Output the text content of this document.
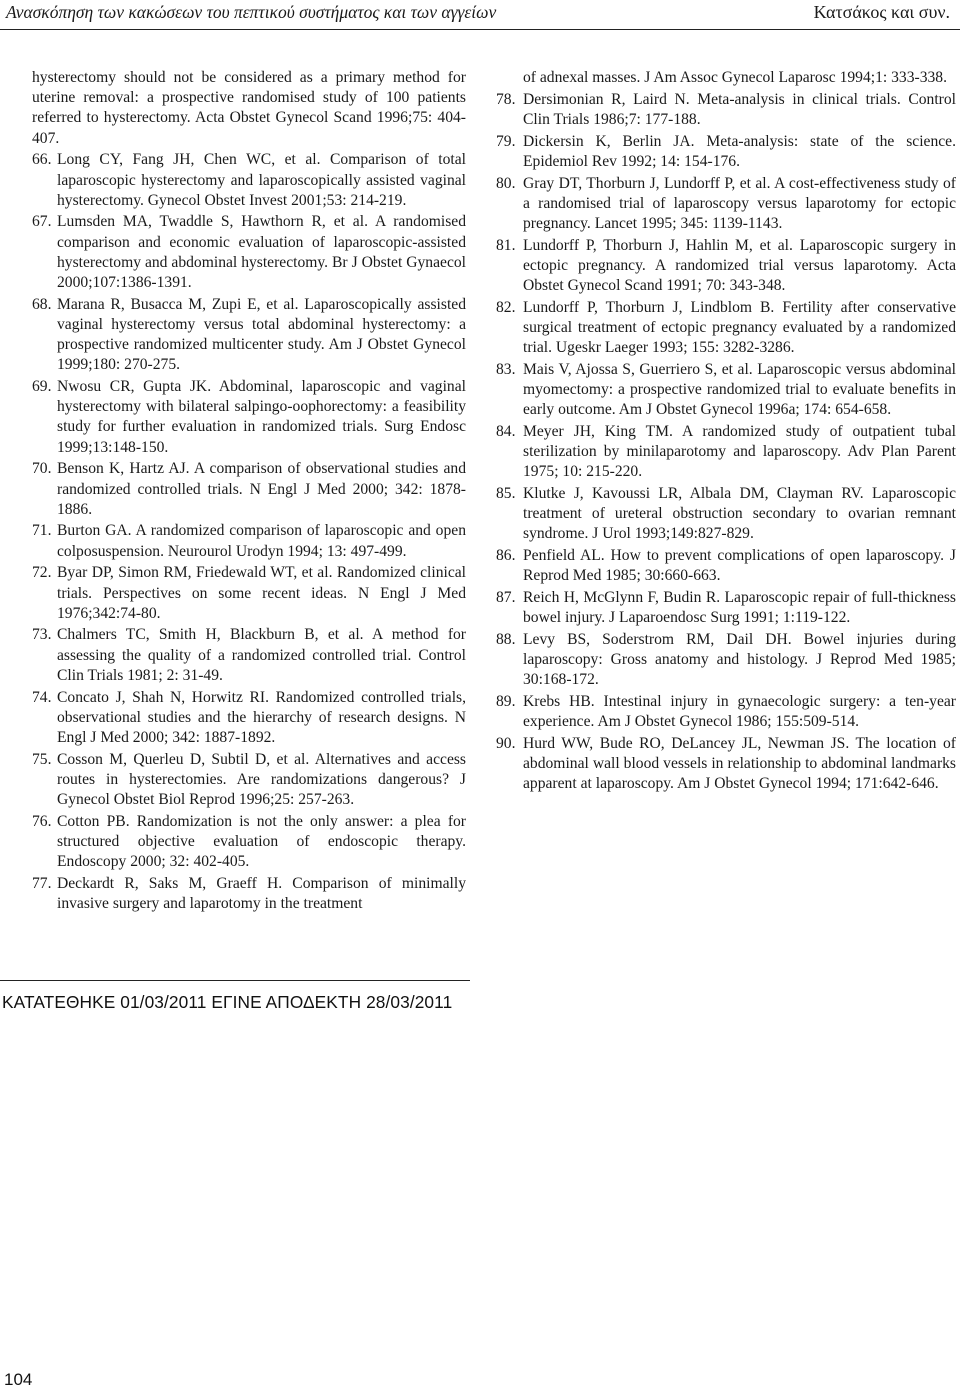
Ανασκόπηση των κακώσεων του πεπτικού συστήματος και των αγγείων	Κατσάκος και συν.
hysterectomy should not be considered as a primary method for uterine removal: a prospective randomised study of 100 patients referred to hysterectomy. Acta Obstet Gynecol Scand 1996;75: 404-407.
66. Long CY, Fang JH, Chen WC, et al. Comparison of total laparoscopic hysterectomy and laparoscopically assisted vaginal hysterectomy. Gynecol Obstet Invest 2001;53: 214-219.
67. Lumsden MA, Twaddle S, Hawthorn R, et al. A randomised comparison and economic evaluation of laparoscopic-assisted hysterectomy and abdominal hysterectomy. Br J Obstet Gynaecol 2000;107:1386-1391.
68. Marana R, Busacca M, Zupi E, et al. Laparoscopically assisted vaginal hysterectomy versus total abdominal hysterectomy: a prospective randomized multicenter study. Am J Obstet Gynecol 1999;180: 270-275.
69. Nwosu CR, Gupta JK. Abdominal, laparoscopic and vaginal hysterectomy with bilateral salpingo-oophorectomy: a feasibility study for further evaluation in randomized trials. Surg Endosc 1999;13:148-150.
70. Benson K, Hartz AJ. A comparison of observational studies and randomized controlled trials. N Engl J Med 2000; 342: 1878-1886.
71. Burton GA. A randomized comparison of laparoscopic and open colposuspension. Neurourol Urodyn 1994; 13: 497-499.
72. Byar DP, Simon RM, Friedewald WT, et al. Randomized clinical trials. Perspectives on some recent ideas. N Engl J Med 1976;342:74-80.
73. Chalmers TC, Smith H, Blackburn B, et al. A method for assessing the quality of a randomized controlled trial. Control Clin Trials 1981; 2: 31-49.
74. Concato J, Shah N, Horwitz RI. Randomized controlled trials, observational studies and the hierarchy of research designs. N Engl J Med 2000; 342: 1887-1892.
75. Cosson M, Querleu D, Subtil D, et al. Alternatives and access routes in hysterectomies. Are randomizations dangerous? J Gynecol Obstet Biol Reprod 1996;25: 257-263.
76. Cotton PB. Randomization is not the only answer: a plea for structured objective evaluation of endoscopic therapy. Endoscopy 2000; 32: 402-405.
77. Deckardt R, Saks M, Graeff H. Comparison of minimally invasive surgery and laparotomy in the treatment
of adnexal masses. J Am Assoc Gynecol Laparosc 1994;1: 333-338.
78. Dersimonian R, Laird N. Meta-analysis in clinical trials. Control Clin Trials 1986;7: 177-188.
79. Dickersin K, Berlin JA. Meta-analysis: state of the science. Epidemiol Rev 1992; 14: 154-176.
80. Gray DT, Thorburn J, Lundorff P, et al. A cost-effectiveness study of a randomised trial of laparoscopy versus laparotomy for ectopic pregnancy. Lancet 1995; 345: 1139-1143.
81. Lundorff P, Thorburn J, Hahlin M, et al. Laparoscopic surgery in ectopic pregnancy. A randomized trial versus laparotomy. Acta Obstet Gynecol Scand 1991; 70: 343-348.
82. Lundorff P, Thorburn J, Lindblom B. Fertility after conservative surgical treatment of ectopic pregnancy evaluated by a randomized trial. Ugeskr Laeger 1993; 155: 3282-3286.
83. Mais V, Ajossa S, Guerriero S, et al. Laparoscopic versus abdominal myomectomy: a prospective randomized trial to evaluate benefits in early outcome. Am J Obstet Gynecol 1996a; 174: 654-658.
84. Meyer JH, King TM. A randomized study of outpatient tubal sterilization by minilaparotomy and laparoscopy. Adv Plan Parent 1975; 10: 215-220.
85. Klutke J, Kavoussi LR, Albala DM, Clayman RV. Laparoscopic treatment of ureteral obstruction secondary to ovarian remnant syndrome. J Urol 1993;149:827-829.
86. Penfield AL. How to prevent complications of open laparoscopy. J Reprod Med 1985; 30:660-663.
87. Reich H, McGlynn F, Budin R. Laparoscopic repair of full-thickness bowel injury. J Laparoendosc Surg 1991; 1:119-122.
88. Levy BS, Soderstrom RM, Dail DH. Bowel injuries during laparoscopy: Gross anatomy and histology. J Reprod Med 1985; 30:168-172.
89. Krebs HB. Intestinal injury in gynaecologic surgery: a ten-year experience. Am J Obstet Gynecol 1986; 155:509-514.
90. Hurd WW, Bude RO, DeLancey JL, Newman JS. The location of abdominal wall blood vessels in relationship to abdominal landmarks apparent at laparoscopy. Am J Obstet Gynecol 1994; 171:642-646.
ΚΑΤΑΤΕΘΗΚΕ 01/03/2011 ΕΓΙΝΕ ΑΠΟΔΕΚΤΗ 28/03/2011
104
